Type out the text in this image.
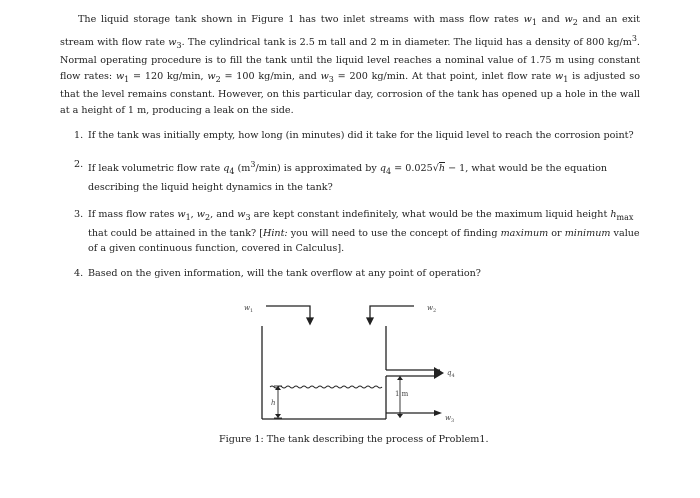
The liquid storage tank shown in Figure 1 has two inlet streams with mass flow rates $w_1$ and $w_2$ and an exit stream with flow rate $w_3$. The cylindrical tank is 2.5 m tall and 2 m in diameter. The liquid has a density of 800 $kg/m^3$. Normal operating procedure is to fill the tank until the liquid level reaches a nominal value of 1.75 m using constant flow rates: $w_1 = 120$ kg/min, $w_2 = 100$ kg/min, and $w_3 = 200$ kg/min. At that point, inlet flow rate $w_1$ is adjusted so that the level remains constant. However, on this particular day, corrosion of the tank has opened up a hole in the wall at a height of 1 m, producing a leak on the side.

1. If the tank was initially empty, how long (in minutes) did it take for the liquid level to reach the corrosion point?
2. If leak volumetric flow rate $q_4$ $(m^3/\min)$ is approximated by $q_4 = 0.025√h - 1$, what would be the equation describing the liquid height dynamics in the tank?
3. If mass flow rates $w_1$, $w_2$, and $w_3$ are kept constant indefinitely, what would be the maximum liquid height $h_{max}$ that could be attained in the tank? [Hint: you will need to use the concept of finding maximum or minimum value of a given continuous function, covered in Calculus].
4. Based on the given information, will the tank overflow at any point of operation?
$w_1$	$w_2$
$q_4$
$w_3$
h
1 m

Figure 1: The tank describing the process of Problem1.
